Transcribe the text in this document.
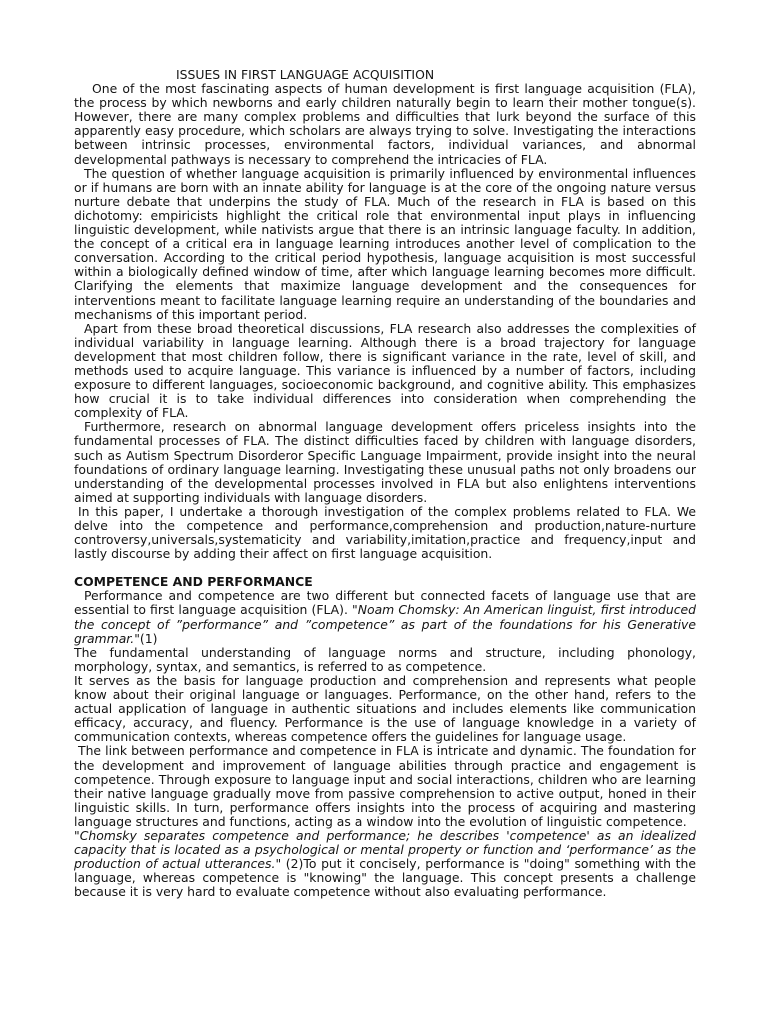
ISSUES IN FIRST LANGUAGE ACQUISITION

One of the most fascinating aspects of human development is first language acquisition (FLA), the process by which newborns and early children naturally begin to learn their mother tongue(s). However, there are many complex problems and difficulties that lurk beyond the surface of this apparently easy procedure, which scholars are always trying to solve. Investigating the interactions between intrinsic processes, environmental factors, individual variances, and abnormal developmental pathways is necessary to comprehend the intricacies of FLA.

The question of whether language acquisition is primarily influenced by environmental influences or if humans are born with an innate ability for language is at the core of the ongoing nature versus nurture debate that underpins the study of FLA. Much of the research in FLA is based on this dichotomy: empiricists highlight the critical role that environmental input plays in influencing linguistic development, while nativists argue that there is an intrinsic language faculty. In addition, the concept of a critical era in language learning introduces another level of complication to the conversation. According to the critical period hypothesis, language acquisition is most successful within a biologically defined window of time, after which language learning becomes more difficult. Clarifying the elements that maximize language development and the consequences for interventions meant to facilitate language learning require an understanding of the boundaries and mechanisms of this important period.

Apart from these broad theoretical discussions, FLA research also addresses the complexities of individual variability in language learning. Although there is a broad trajectory for language development that most children follow, there is significant variance in the rate, level of skill, and methods used to acquire language. This variance is influenced by a number of factors, including exposure to different languages, socioeconomic background, and cognitive ability. This emphasizes how crucial it is to take individual differences into consideration when comprehending the complexity of FLA.

Furthermore, research on abnormal language development offers priceless insights into the fundamental processes of FLA. The distinct difficulties faced by children with language disorders, such as Autism Spectrum Disorderor Specific Language Impairment, provide insight into the neural foundations of ordinary language learning. Investigating these unusual paths not only broadens our understanding of the developmental processes involved in FLA but also enlightens interventions aimed at supporting individuals with language disorders.

In this paper, I undertake a thorough investigation of the complex problems related to FLA. We delve into the competence and performance,comprehension and production,nature-nurture controversy,universals,systematicity and variability,imitation,practice and frequency,input and lastly discourse by adding their affect on first language acquisition.

COMPETENCE AND PERFORMANCE

Performance and competence are two different but connected facets of language use that are essential to first language acquisition (FLA). "Noam Chomsky: An American linguist, first introduced the concept of ”performance” and ”competence” as part of the foundations for his Generative grammar."(1)

The fundamental understanding of language norms and structure, including phonology, morphology, syntax, and semantics, is referred to as competence.

It serves as the basis for language production and comprehension and represents what people know about their original language or languages. Performance, on the other hand, refers to the actual application of language in authentic situations and includes elements like communication efficacy, accuracy, and fluency. Performance is the use of language knowledge in a variety of communication contexts, whereas competence offers the guidelines for language usage.

The link between performance and competence in FLA is intricate and dynamic. The foundation for the development and improvement of language abilities through practice and engagement is competence. Through exposure to language input and social interactions, children who are learning their native language gradually move from passive comprehension to active output, honed in their linguistic skills. In turn, performance offers insights into the process of acquiring and mastering language structures and functions, acting as a window into the evolution of linguistic competence.

"Chomsky separates competence and performance; he describes 'competence' as an idealized capacity that is located as a psychological or mental property or function and ‘performance’ as the production of actual utterances." (2)To put it concisely, performance is "doing" something with the language, whereas competence is "knowing" the language. This concept presents a challenge because it is very hard to evaluate competence without also evaluating performance.
